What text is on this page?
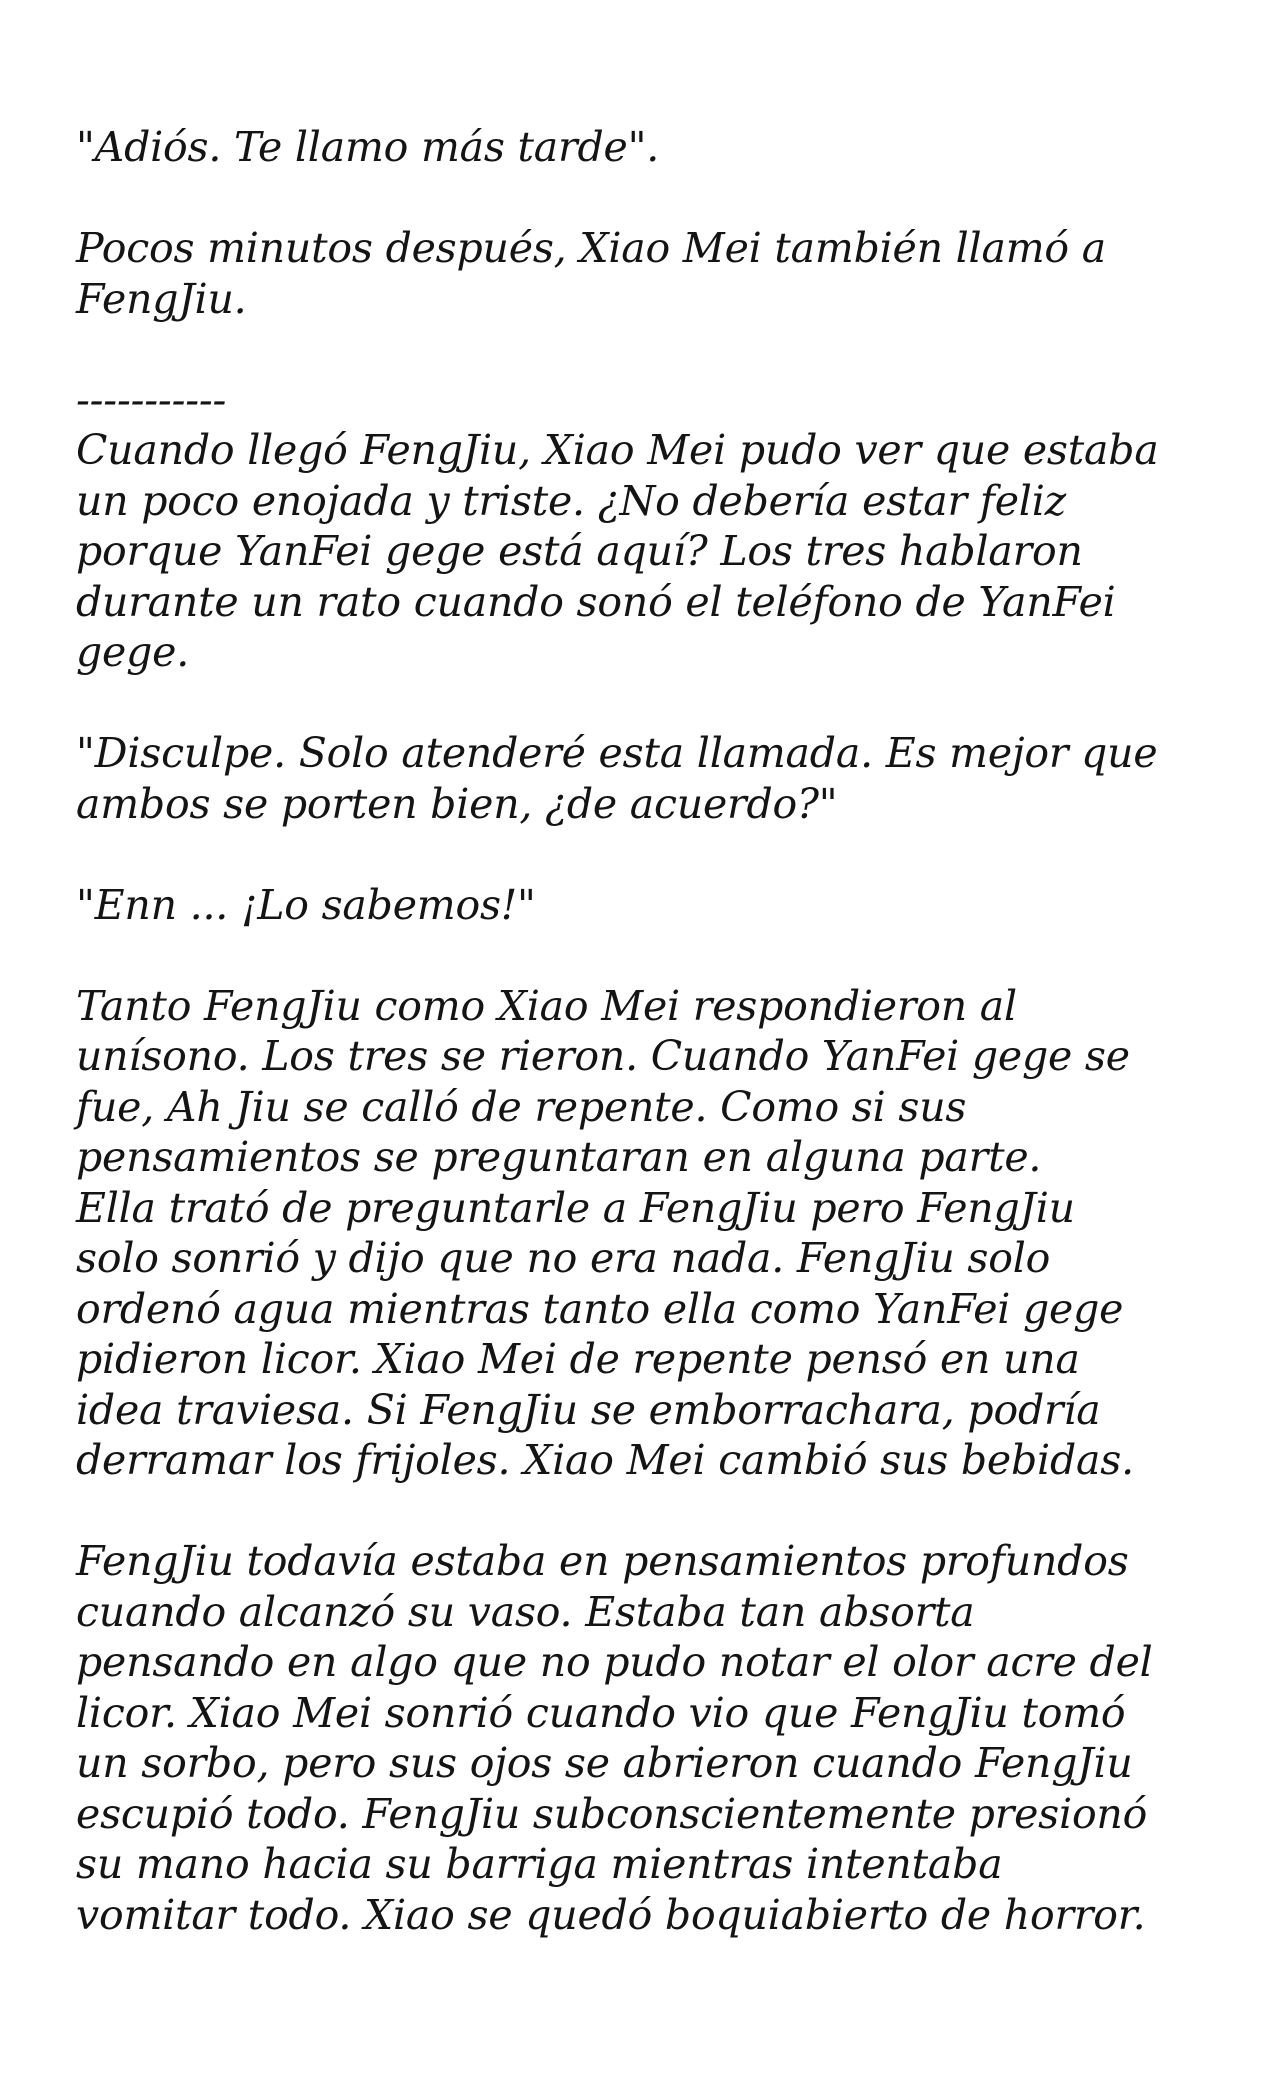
"Adiós. Te llamo más tarde".

Pocos minutos después, Xiao Mei también llamó a
FengJiu.

-----------

Cuando llegó FengJiu, Xiao Mei pudo ver que estaba
un poco enojada y triste. ¿No debería estar feliz
porque YanFei gege está aquí? Los tres hablaron
durante un rato cuando sonó el teléfono de YanFei
gege.

"Disculpe. Solo atenderé esta llamada. Es mejor que
ambos se porten bien, ¿de acuerdo?"

"Enn ... ¡Lo sabemos!"

Tanto FengJiu como Xiao Mei respondieron al
unísono. Los tres se rieron. Cuando YanFei gege se
fue, Ah Jiu se calló de repente. Como si sus
pensamientos se preguntaran en alguna parte.
Ella trató de preguntarle a FengJiu pero FengJiu
solo sonrió y dijo que no era nada. FengJiu solo
ordenó agua mientras tanto ella como YanFei gege
pidieron licor. Xiao Mei de repente pensó en una
idea traviesa. Si FengJiu se emborrachara, podría
derramar los frijoles. Xiao Mei cambió sus bebidas.

FengJiu todavía estaba en pensamientos profundos
cuando alcanzó su vaso. Estaba tan absorta
pensando en algo que no pudo notar el olor acre del
licor. Xiao Mei sonrió cuando vio que FengJiu tomó
un sorbo, pero sus ojos se abrieron cuando FengJiu
escupió todo. FengJiu subconscientemente presionó
su mano hacia su barriga mientras intentaba
vomitar todo. Xiao se quedó boquiabierto de horror.
